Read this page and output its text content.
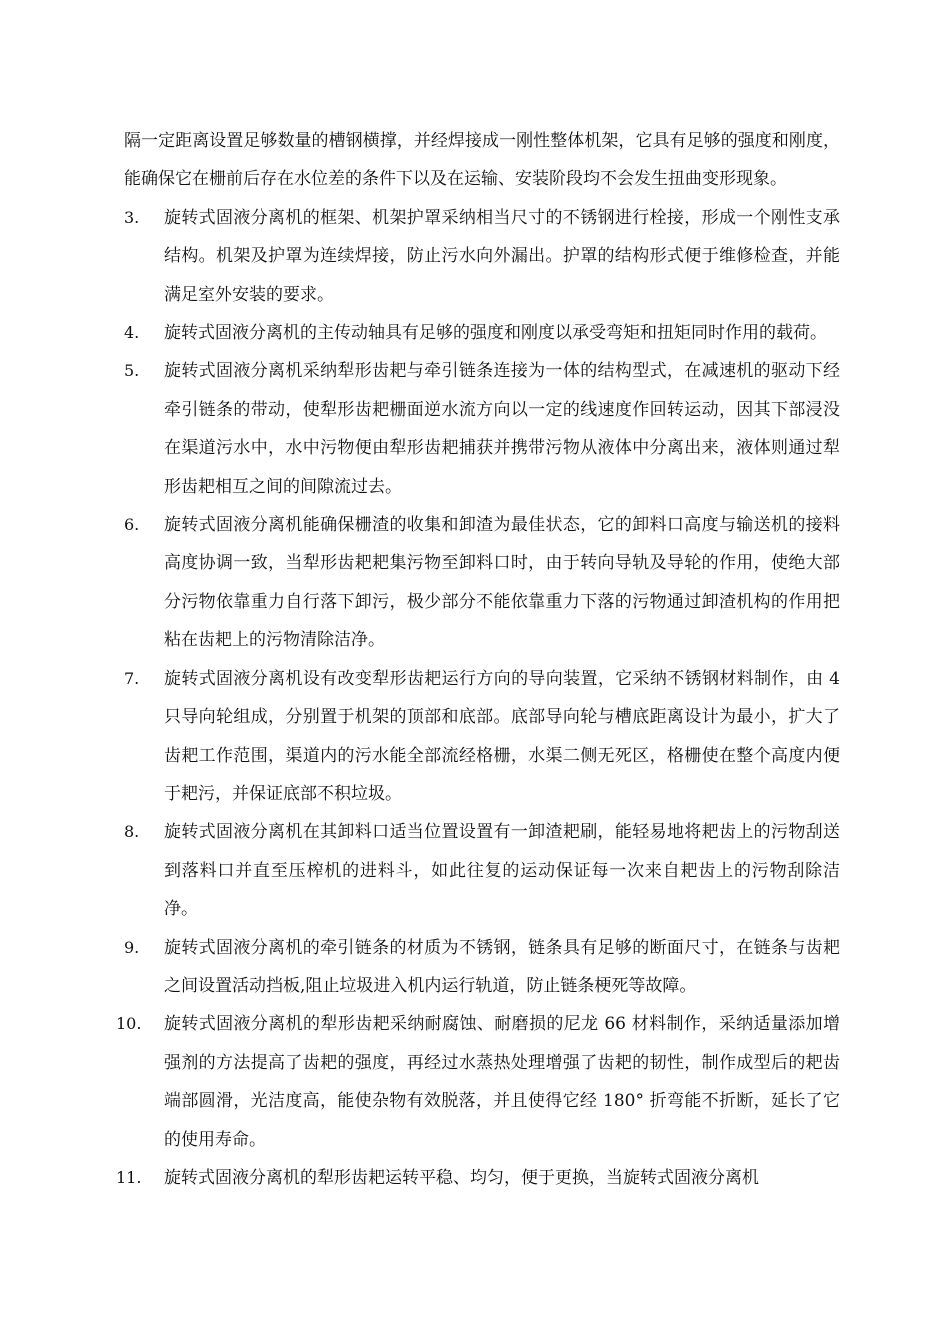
隔一定距离设置足够数量的槽钢横撑，并经焊接成一刚性整体机架，它具有足够的强度和刚度，能确保它在栅前后存在水位差的条件下以及在运输、安装阶段均不会发生扭曲变形现象。

3.	旋转式固液分离机的框架、机架护罩采纳相当尺寸的不锈钢进行栓接，形成一个刚性支承结构。机架及护罩为连续焊接，防止污水向外漏出。护罩的结构形式便于维修检查，并能满足室外安装的要求。
4.	旋转式固液分离机的主传动轴具有足够的强度和刚度以承受弯矩和扭矩同时作用的载荷。
5.	旋转式固液分离机采纳犁形齿耙与牵引链条连接为一体的结构型式，在减速机的驱动下经牵引链条的带动，使犁形齿耙栅面逆水流方向以一定的线速度作回转运动，因其下部浸没在渠道污水中，水中污物便由犁形齿耙捕获并携带污物从液体中分离出来，液体则通过犁形齿耙相互之间的间隙流过去。
6.	旋转式固液分离机能确保栅渣的收集和卸渣为最佳状态，它的卸料口高度与输送机的接料高度协调一致，当犁形齿耙耙集污物至卸料口时，由于转向导轨及导轮的作用，使绝大部分污物依靠重力自行落下卸污，极少部分不能依靠重力下落的污物通过卸渣机构的作用把粘在齿耙上的污物清除洁净。
7.	旋转式固液分离机设有改变犁形齿耙运行方向的导向装置，它采纳不锈钢材料制作，由 4 只导向轮组成，分别置于机架的顶部和底部。底部导向轮与槽底距离设计为最小，扩大了齿耙工作范围，渠道内的污水能全部流经格栅，水渠二侧无死区，格栅使在整个高度内便于耙污，并保证底部不积垃圾。
8.	旋转式固液分离机在其卸料口适当位置设置有一卸渣耙刷，能轻易地将耙齿上的污物刮送到落料口并直至压榨机的进料斗，如此往复的运动保证每一次来自耙齿上的污物刮除洁净。
9.	旋转式固液分离机的牵引链条的材质为不锈钢，链条具有足够的断面尺寸，在链条与齿耙之间设置活动挡板,阻止垃圾进入机内运行轨道，防止链条梗死等故障。
10.	旋转式固液分离机的犁形齿耙采纳耐腐蚀、耐磨损的尼龙 66 材料制作，采纳适量添加增强剂的方法提高了齿耙的强度，再经过水蒸热处理增强了齿耙的韧性，制作成型后的耙齿端部圆滑，光洁度高，能使杂物有效脱落，并且使得它经 180° 折弯能不折断，延长了它的使用寿命。
11.	旋转式固液分离机的犁形齿耙运转平稳、均匀，便于更换，当旋转式固液分离机
